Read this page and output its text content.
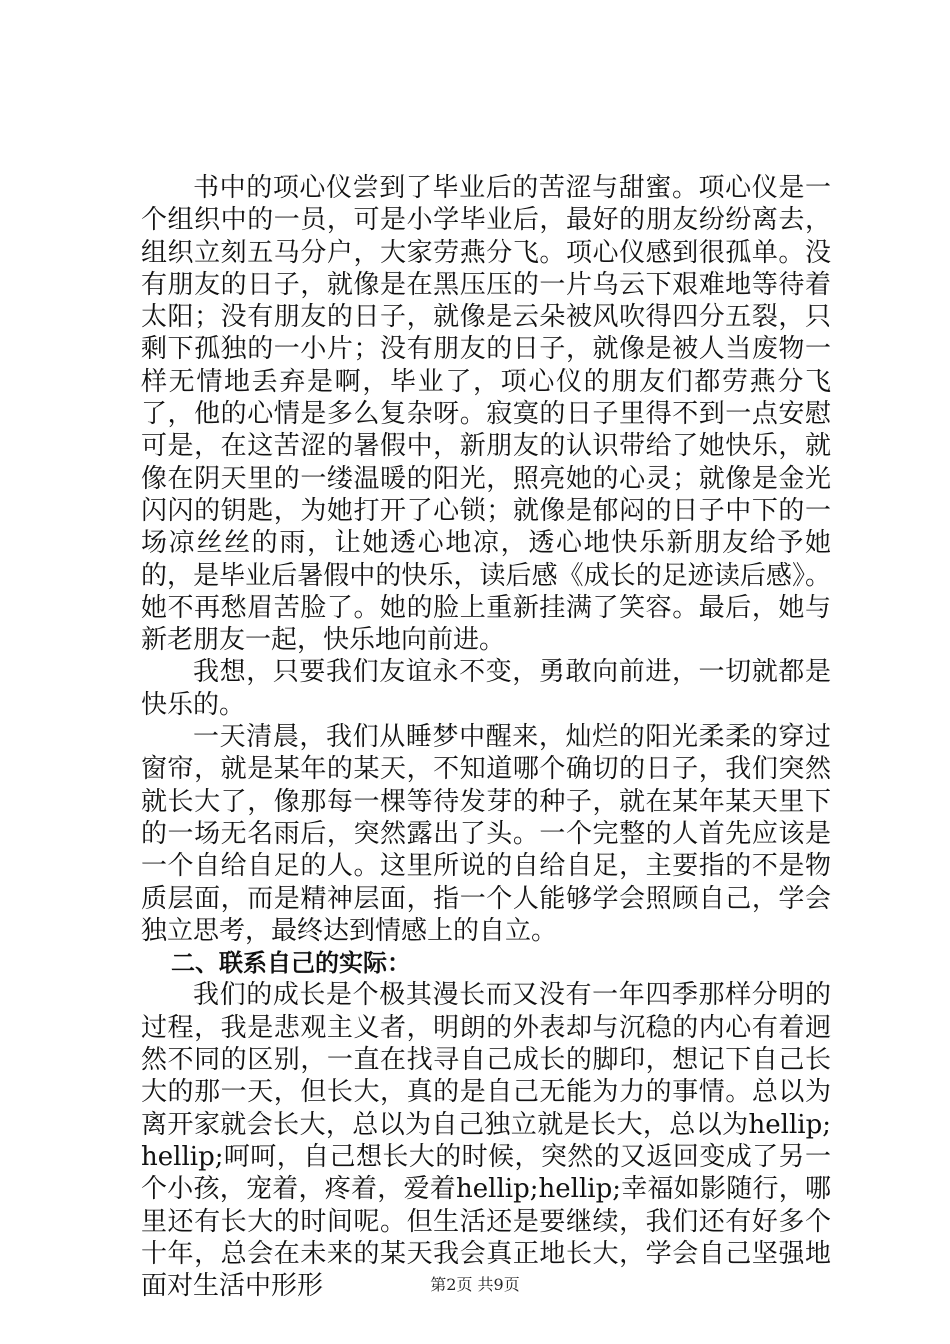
书中的项心仪尝到了毕业后的苦涩与甜蜜。项心仪是一个组织中的一员，可是小学毕业后，最好的朋友纷纷离去，组织立刻五马分户，大家劳燕分飞。项心仪感到很孤单。没有朋友的日子，就像是在黑压压的一片乌云下艰难地等待着太阳；没有朋友的日子，就像是云朵被风吹得四分五裂，只剩下孤独的一小片；没有朋友的日子，就像是被人当废物一样无情地丢弃是啊，毕业了，项心仪的朋友们都劳燕分飞了，他的心情是多么复杂呀。寂寞的日子里得不到一点安慰可是，在这苦涩的暑假中，新朋友的认识带给了她快乐，就像在阴天里的一缕温暖的阳光，照亮她的心灵；就像是金光闪闪的钥匙，为她打开了心锁；就像是郁闷的日子中下的一场凉丝丝的雨，让她透心地凉，透心地快乐新朋友给予她的，是毕业后暑假中的快乐，读后感《成长的足迹读后感》。她不再愁眉苦脸了。她的脸上重新挂满了笑容。最后，她与新老朋友一起，快乐地向前进。

我想，只要我们友谊永不变，勇敢向前进，一切就都是快乐的。

一天清晨，我们从睡梦中醒来，灿烂的阳光柔柔的穿过窗帘，就是某年的某天，不知道哪个确切的日子，我们突然就长大了，像那每一棵等待发芽的种子，就在某年某天里下的一场无名雨后，突然露出了头。一个完整的人首先应该是一个自给自足的人。这里所说的自给自足，主要指的不是物质层面，而是精神层面，指一个人能够学会照顾自己，学会独立思考，最终达到情感上的自立。

二、联系自己的实际：

我们的成长是个极其漫长而又没有一年四季那样分明的过程，我是悲观主义者，明朗的外表却与沉稳的内心有着迥然不同的区别，一直在找寻自己成长的脚印，想记下自己长大的那一天，但长大，真的是自己无能为力的事情。总以为离开家就会长大，总以为自己独立就是长大，总以为hellip;hellip;呵呵，自己想长大的时候，突然的又返回变成了另一个小孩，宠着，疼着，爱着hellip;hellip;幸福如影随行，哪里还有长大的时间呢。但生活还是要继续，我们还有好多个十年，总会在未来的某天我会真正地长大，学会自己坚强地面对生活中形形	第2页 共9页
